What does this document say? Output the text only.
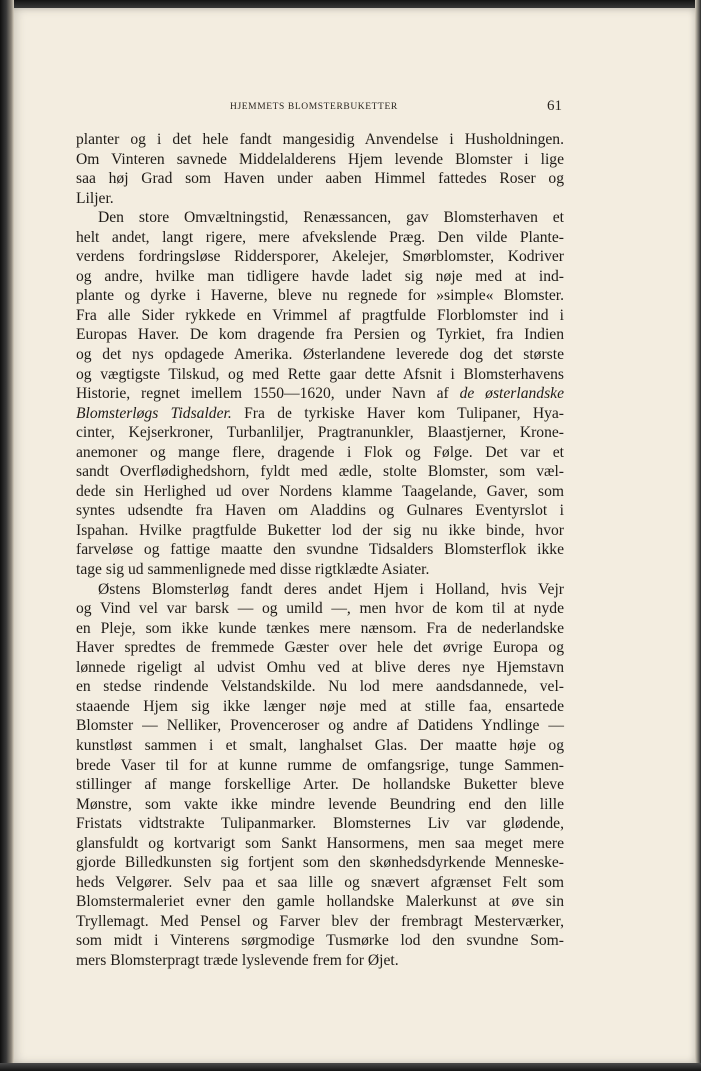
HJEMMETS BLOMSTERBUKETTER	61
planter og i det hele fandt mangesidig Anvendelse i Husholdningen.
Om Vinteren savnede Middelalderens Hjem levende Blomster i lige
saa høj Grad som Haven under aaben Himmel fattedes Roser og
Liljer.
Den store Omvæltningstid, Renæssancen, gav Blomsterhaven et
helt andet, langt rigere, mere afvekslende Præg. Den vilde Plante-
verdens fordringsløse Riddersporer, Akelejer, Smørblomster, Kodriver
og andre, hvilke man tidligere havde ladet sig nøje med at ind-
plante og dyrke i Haverne, bleve nu regnede for »simple« Blomster.
Fra alle Sider rykkede en Vrimmel af pragtfulde Florblomster ind i
Europas Haver. De kom dragende fra Persien og Tyrkiet, fra Indien
og det nys opdagede Amerika. Østerlandene leverede dog det største
og vægtigste Tilskud, og med Rette gaar dette Afsnit i Blomsterhavens
Historie, regnet imellem 1550—1620, under Navn af de østerlandske
Blomsterløgs Tidsalder. Fra de tyrkiske Haver kom Tulipaner, Hya-
cinter, Kejserkroner, Turbanliljer, Pragtranunkler, Blaastjerner, Krone-
anemoner og mange flere, dragende i Flok og Følge. Det var et
sandt Overflødighedshorn, fyldt med ædle, stolte Blomster, som væl-
dede sin Herlighed ud over Nordens klamme Taagelande, Gaver, som
syntes udsendte fra Haven om Aladdins og Gulnares Eventyrslot i
Ispahan. Hvilke pragtfulde Buketter lod der sig nu ikke binde, hvor
farveløse og fattige maatte den svundne Tidsalders Blomsterflok ikke
tage sig ud sammenlignede med disse rigtklædte Asiater.
Østens Blomsterløg fandt deres andet Hjem i Holland, hvis Vejr
og Vind vel var barsk — og umild —, men hvor de kom til at nyde
en Pleje, som ikke kunde tænkes mere nænsom. Fra de nederlandske
Haver spredtes de fremmede Gæster over hele det øvrige Europa og
lønnede rigeligt al udvist Omhu ved at blive deres nye Hjemstavn
en stedse rindende Velstandskilde. Nu lod mere aandsdannede, vel-
staaende Hjem sig ikke længer nøje med at stille faa, ensartede
Blomster — Nelliker, Provenceroser og andre af Datidens Yndlinge —
kunstløst sammen i et smalt, langhalset Glas. Der maatte høje og
brede Vaser til for at kunne rumme de omfangsrige, tunge Sammen-
stillinger af mange forskellige Arter. De hollandske Buketter bleve
Mønstre, som vakte ikke mindre levende Beundring end den lille
Fristats vidtstrakte Tulipanmarker. Blomsternes Liv var glødende,
glansfuldt og kortvarigt som Sankt Hansormens, men saa meget mere
gjorde Billedkunsten sig fortjent som den skønhedsdyrkende Menneske-
heds Velgører. Selv paa et saa lille og snævert afgrænset Felt som
Blomstermaleriet evner den gamle hollandske Malerkunst at øve sin
Tryllemagt. Med Pensel og Farver blev der frembragt Mesterværker,
som midt i Vinterens sørgmodige Tusmørke lod den svundne Som-
mers Blomsterpragt træde lyslevende frem for Øjet.
